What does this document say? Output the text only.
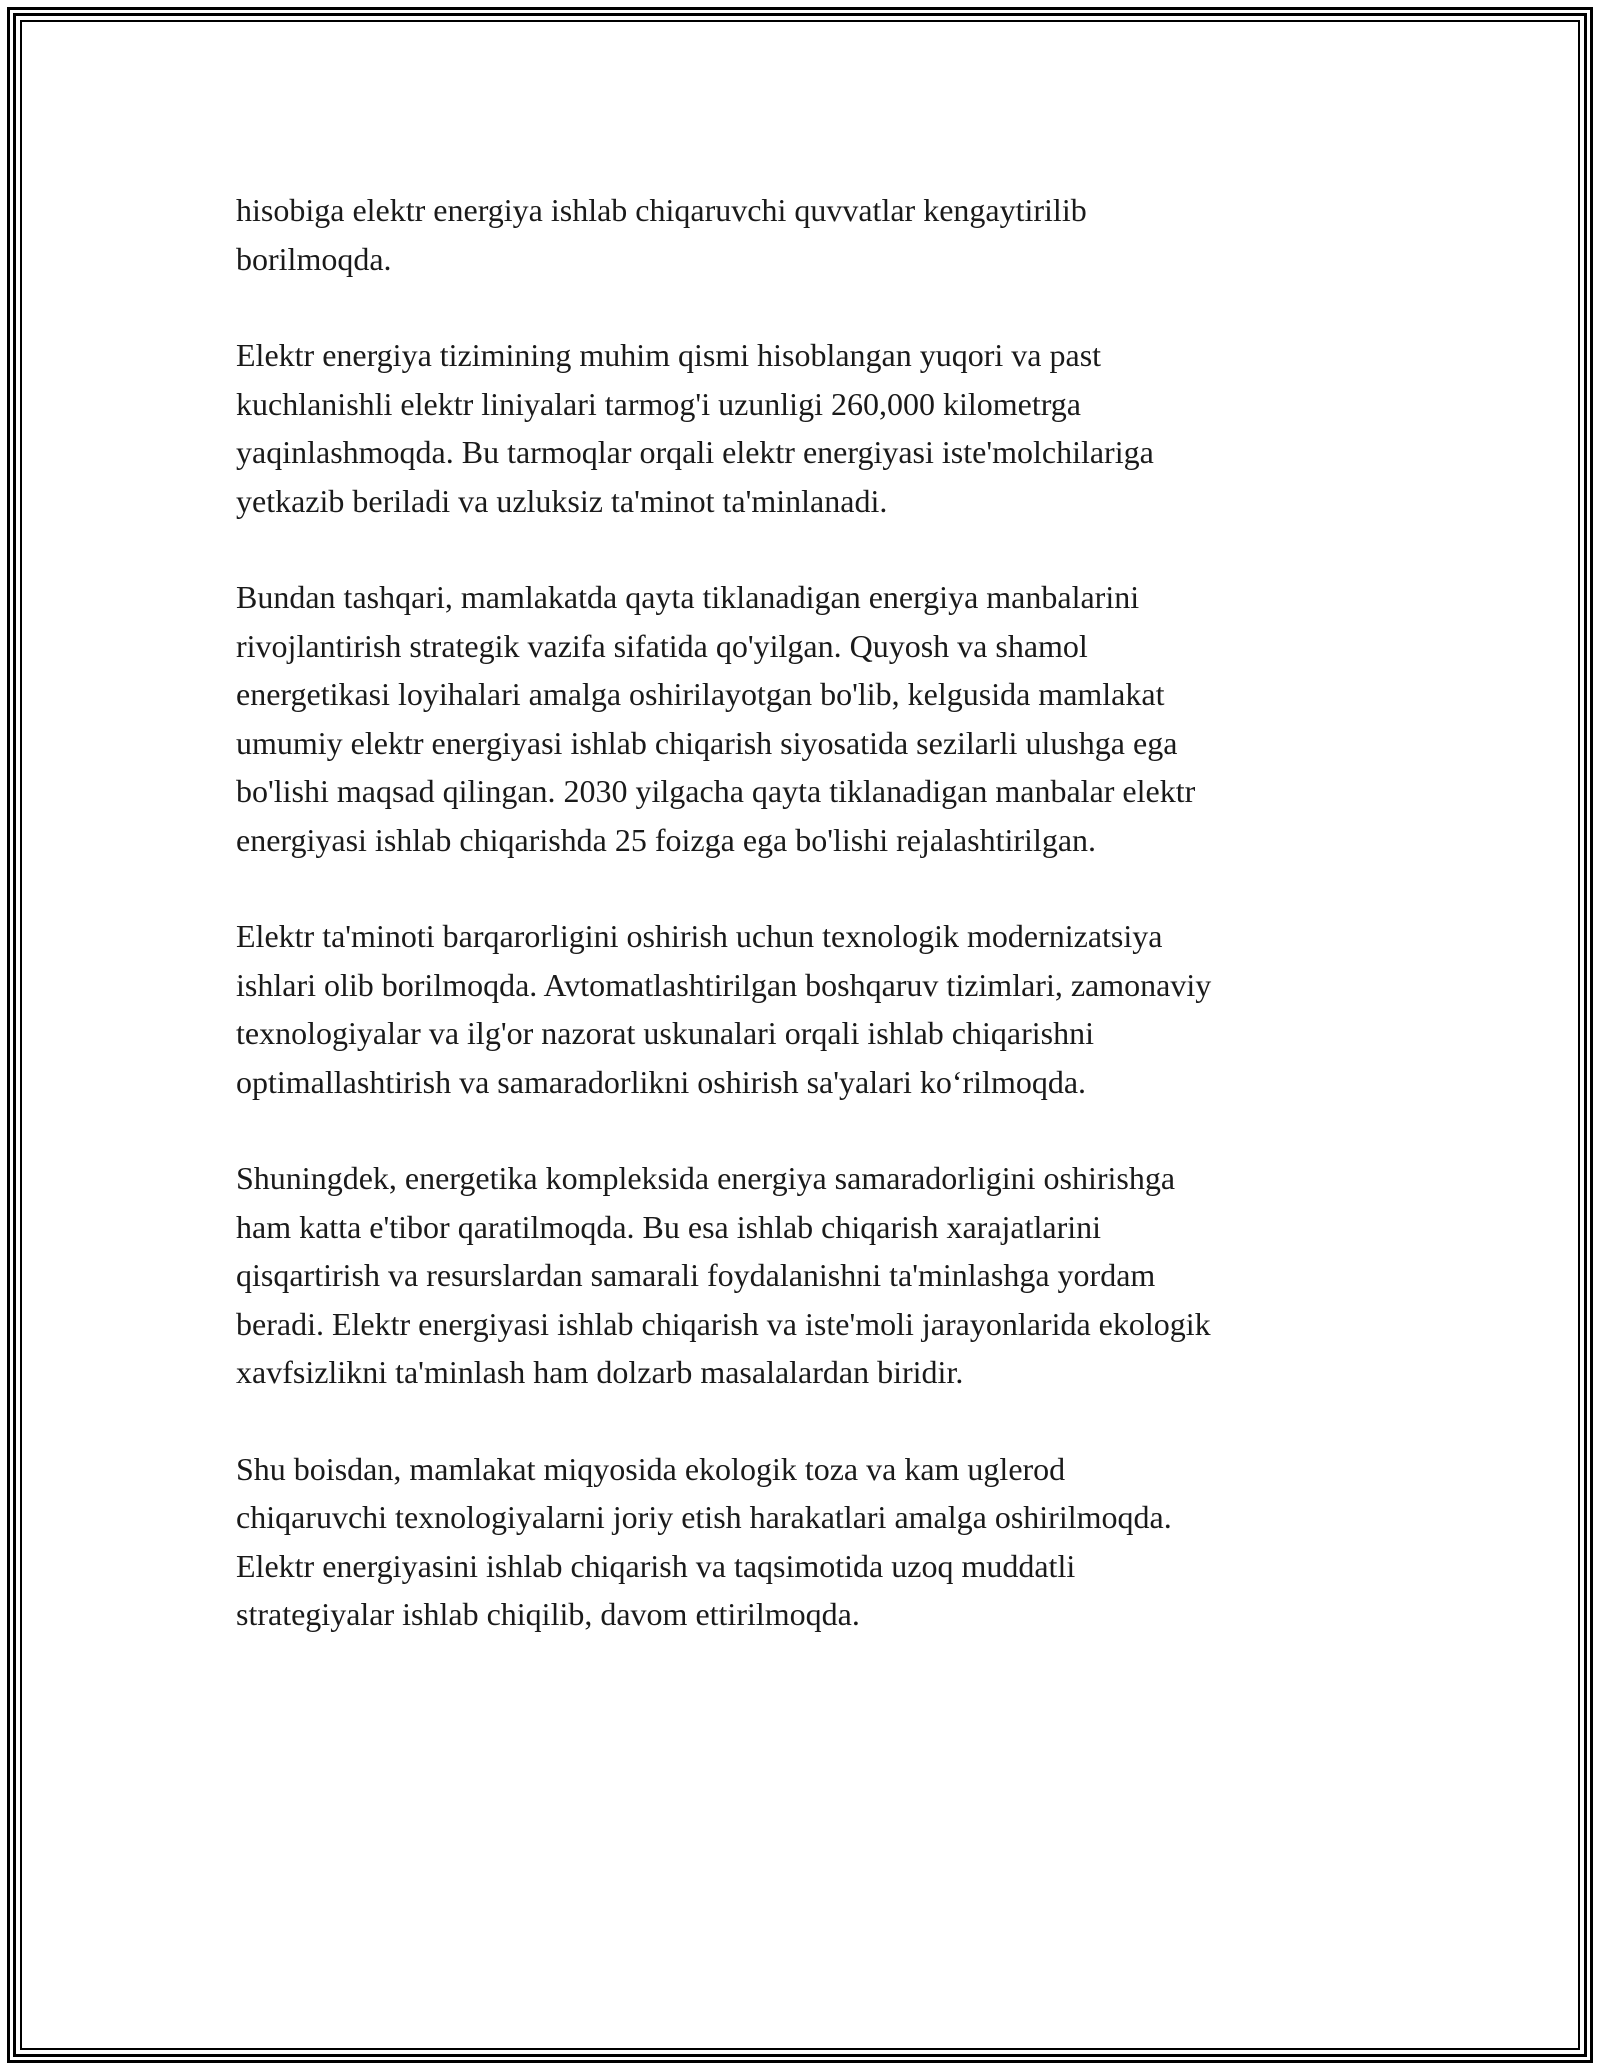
hisobiga elektr energiya ishlab chiqaruvchi quvvatlar kengaytirilib
borilmoqda.

Elektr energiya tizimining muhim qismi hisoblangan yuqori va past
kuchlanishli elektr liniyalari tarmog'i uzunligi 260,000 kilometrga
yaqinlashmoqda. Bu tarmoqlar orqali elektr energiyasi iste'molchilariga
yetkazib beriladi va uzluksiz ta'minot ta'minlanadi.

Bundan tashqari, mamlakatda qayta tiklanadigan energiya manbalarini
rivojlantirish strategik vazifa sifatida qo'yilgan. Quyosh va shamol
energetikasi loyihalari amalga oshirilayotgan bo'lib, kelgusida mamlakat
umumiy elektr energiyasi ishlab chiqarish siyosatida sezilarli ulushga ega
bo'lishi maqsad qilingan. 2030 yilgacha qayta tiklanadigan manbalar elektr
energiyasi ishlab chiqarishda 25 foizga ega bo'lishi rejalashtirilgan.

Elektr ta'minoti barqarorligini oshirish uchun texnologik modernizatsiya
ishlari olib borilmoqda. Avtomatlashtirilgan boshqaruv tizimlari, zamonaviy
texnologiyalar va ilg'or nazorat uskunalari orqali ishlab chiqarishni
optimallashtirish va samaradorlikni oshirish sa'yalari ko‘rilmoqda.

Shuningdek, energetika kompleksida energiya samaradorligini oshirishga
ham katta e'tibor qaratilmoqda. Bu esa ishlab chiqarish xarajatlarini
qisqartirish va resurslardan samarali foydalanishni ta'minlashga yordam
beradi. Elektr energiyasi ishlab chiqarish va iste'moli jarayonlarida ekologik
xavfsizlikni ta'minlash ham dolzarb masalalardan biridir.

Shu boisdan, mamlakat miqyosida ekologik toza va kam uglerod
chiqaruvchi texnologiyalarni joriy etish harakatlari amalga oshirilmoqda.
Elektr energiyasini ishlab chiqarish va taqsimotida uzoq muddatli
strategiyalar ishlab chiqilib, davom ettirilmoqda.
